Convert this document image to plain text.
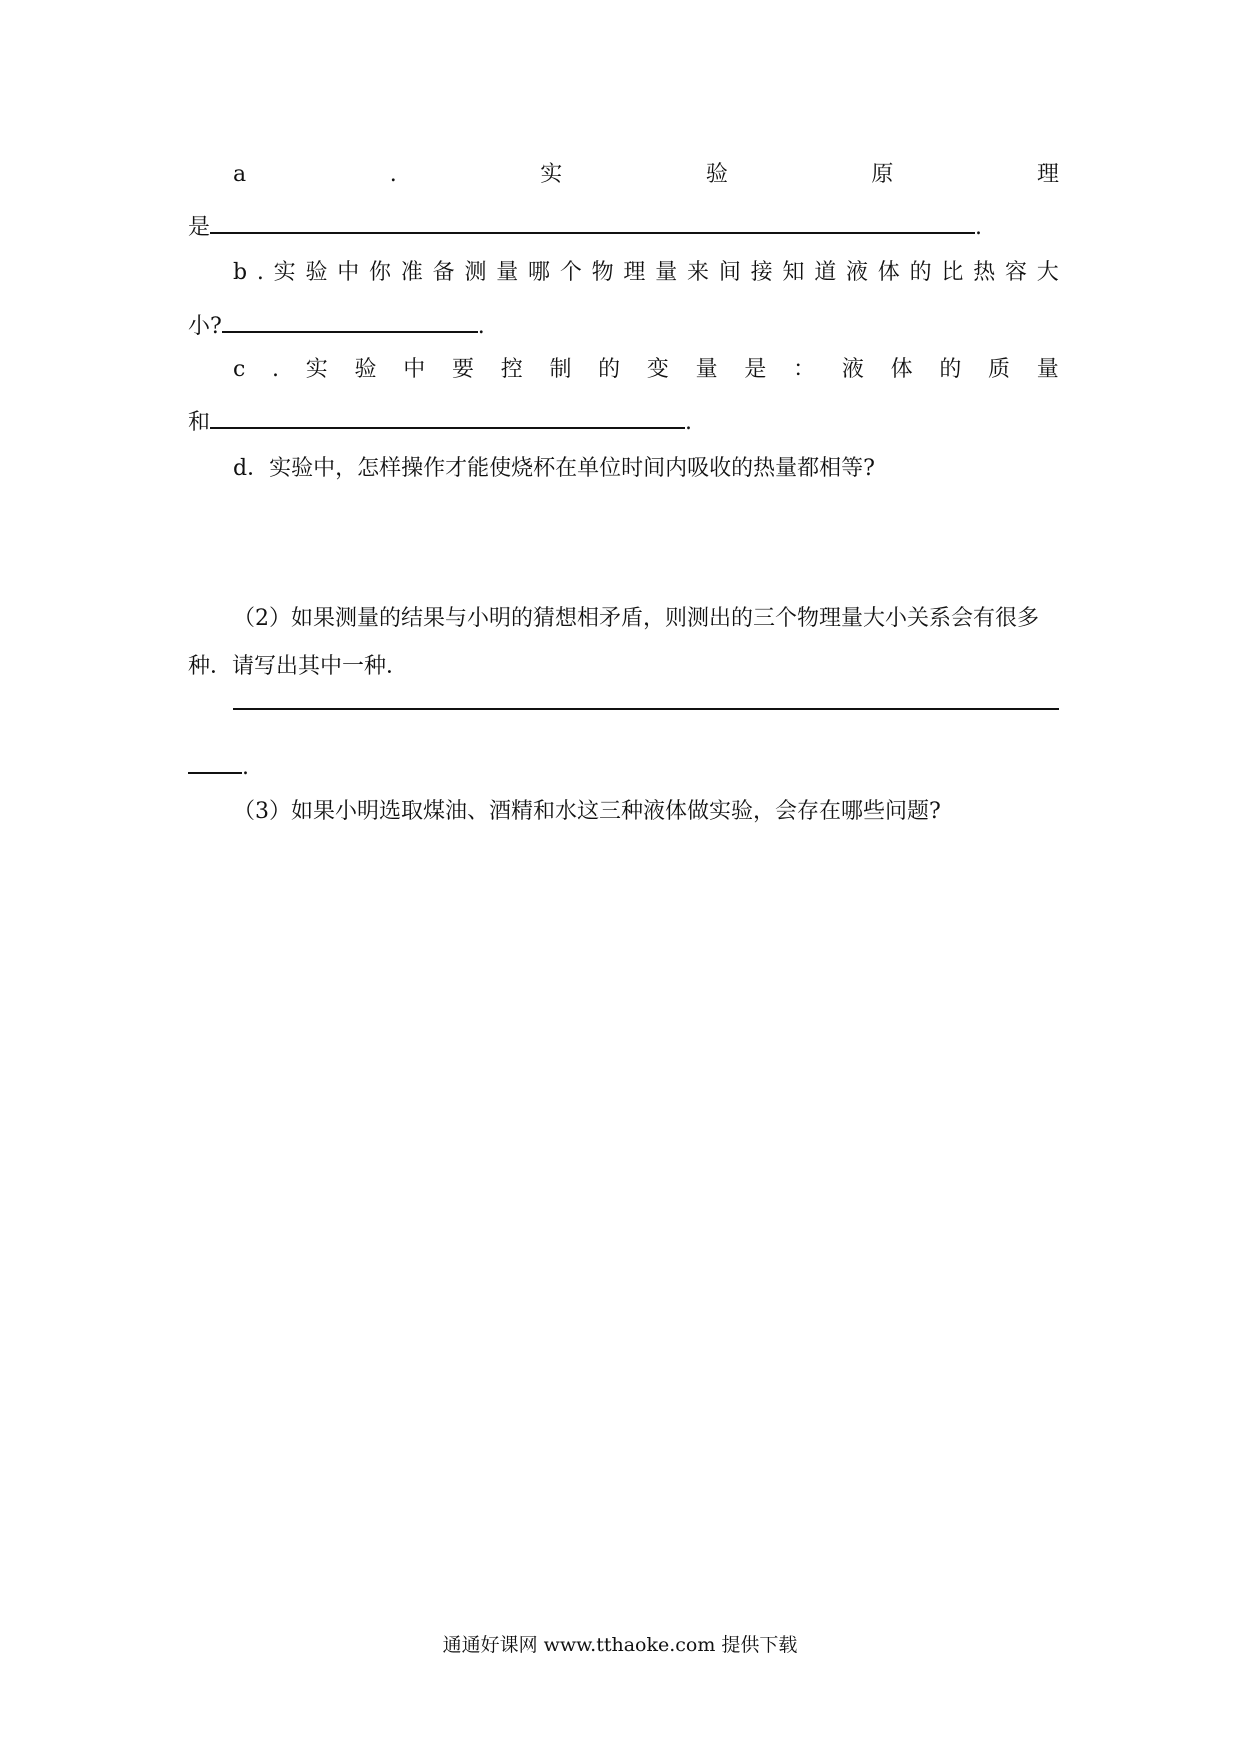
a	.	实	验	原	理
是	.
b . 实 验 中 你 准 备 测 量 哪 个 物 理 量 来 间 接 知 道 液 体 的 比 热 容 大
小?	.
c . 实 验 中 要 控 制 的 变 量 是 ： 液 体 的 质 量
和	.
d．实验中，怎样操作才能使烧杯在单位时间内吸收的热量都相等?
（2）如果测量的结果与小明的猜想相矛盾，则测出的三个物理量大小关系会有很多
种．请写出其中一种．
.
（3）如果小明选取煤油、酒精和水这三种液体做实验，会存在哪些问题?
通通好课网 www.tthaoke.com 提供下载
